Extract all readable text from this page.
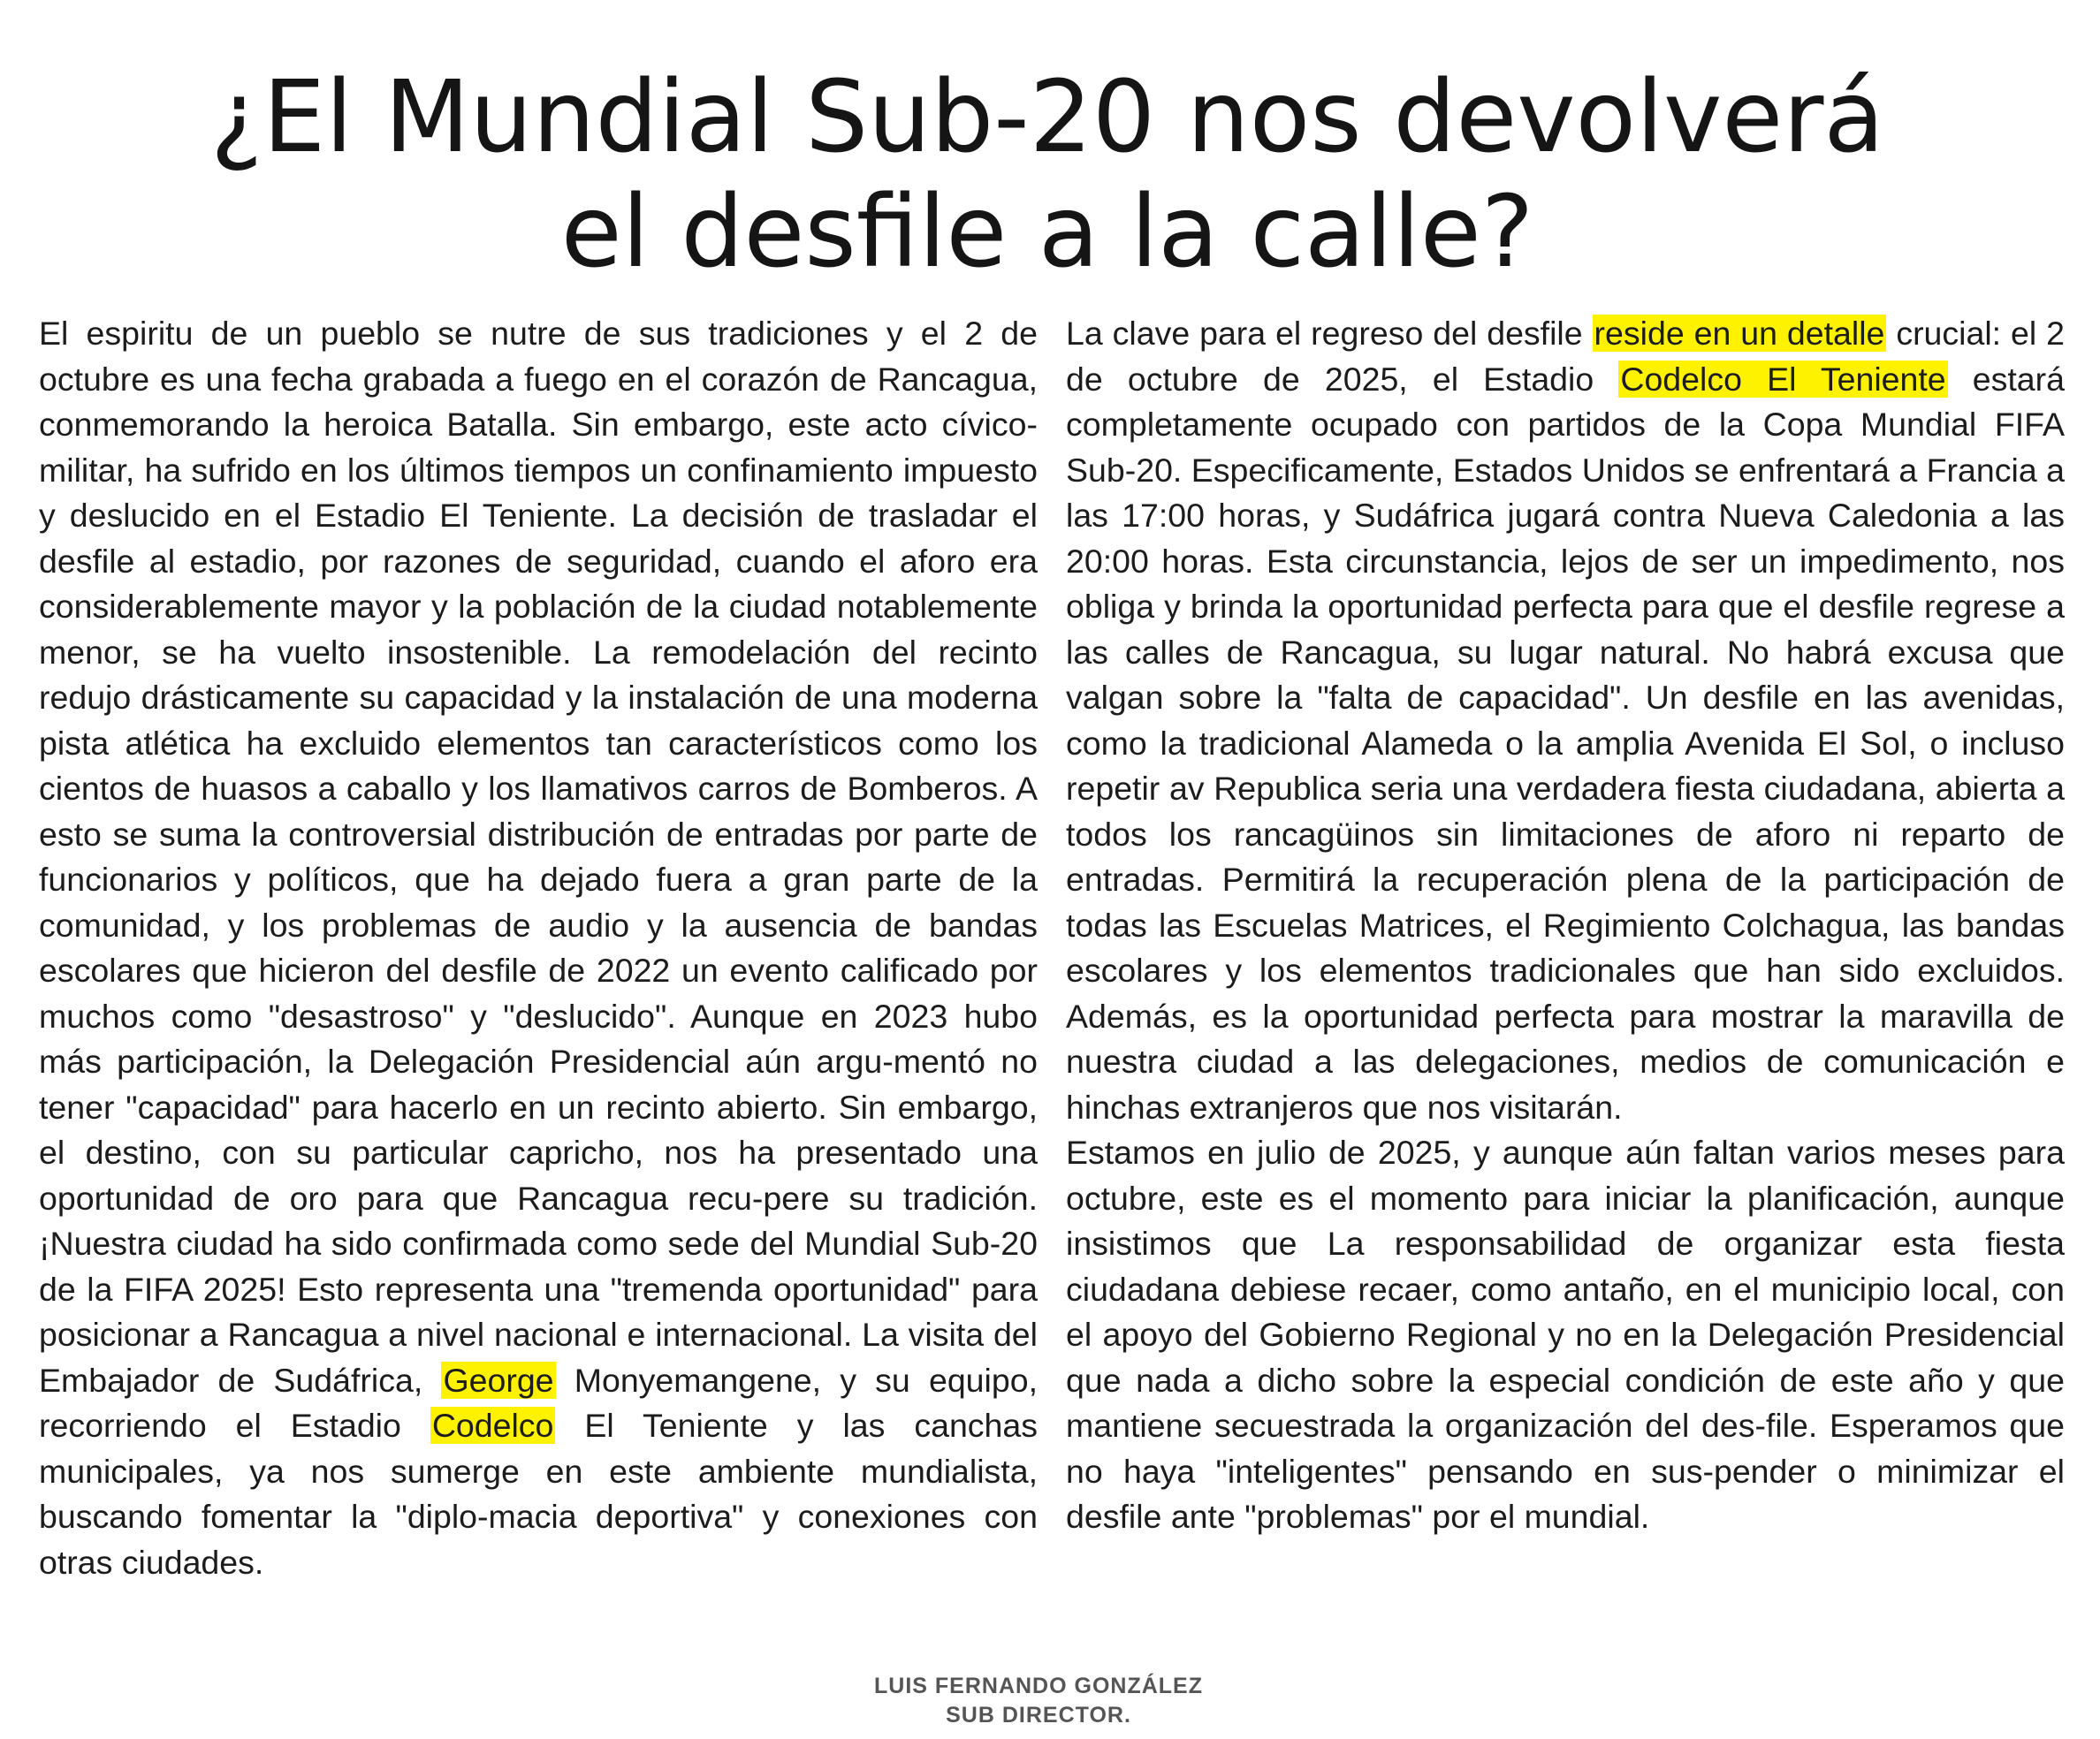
¿El Mundial Sub-20 nos devolverá
el desfile a la calle?

El espiritu de un pueblo se nutre de sus tradiciones y el 2 de octubre es una fecha grabada a fuego en el corazón de Rancagua, conmemorando la heroica Batalla. Sin embargo, este acto cívico-militar, ha sufrido en los últimos tiempos un confinamiento impuesto y deslucido en el Estadio El Teniente. La decisión de trasladar el desfile al estadio, por razones de seguridad, cuando el aforo era considerablemente mayor y la población de la ciudad notablemente menor, se ha vuelto insostenible. La remodelación del recinto redujo drásticamente su capacidad y la instalación de una moderna pista atlética ha excluido elementos tan característicos como los cientos de huasos a caballo y los llamativos carros de Bomberos. A esto se suma la controversial distribución de entradas por parte de funcionarios y políticos, que ha dejado fuera a gran parte de la comunidad, y los problemas de audio y la ausencia de bandas escolares que hicieron del desfile de 2022 un evento calificado por muchos como "desastroso" y "deslucido". Aunque en 2023 hubo más participación, la Delegación Presidencial aún argu-mentó no tener "capacidad" para hacerlo en un recinto abierto. Sin embargo, el destino, con su particular capricho, nos ha presentado una oportunidad de oro para que Rancagua recu-pere su tradición. ¡Nuestra ciudad ha sido confirmada como sede del Mundial Sub-20 de la FIFA 2025! Esto representa una "tremenda oportunidad" para posicionar a Rancagua a nivel nacional e internacional. La visita del Embajador de Sudáfrica, George Monyemangene, y su equipo, recorriendo el Estadio Codelco El Teniente y las canchas municipales, ya nos sumerge en este ambiente mundialista, buscando fomentar la "diplo-macia deportiva" y conexiones con otras ciudades.

La clave para el regreso del desfile reside en un detalle crucial: el 2 de octubre de 2025, el Estadio Codelco El Teniente estará completamente ocupado con partidos de la Copa Mundial FIFA Sub-20. Especificamente, Estados Unidos se enfrentará a Francia a las 17:00 horas, y Sudáfrica jugará contra Nueva Caledonia a las 20:00 horas. Esta circunstancia, lejos de ser un impedimento, nos obliga y brinda la oportunidad perfecta para que el desfile regrese a las calles de Rancagua, su lugar natural. No habrá excusa que valgan sobre la "falta de capacidad". Un desfile en las avenidas, como la tradicional Alameda o la amplia Avenida El Sol, o incluso repetir av Republica seria una verdadera fiesta ciudadana, abierta a todos los rancagüinos sin limitaciones de aforo ni reparto de entradas. Permitirá la recuperación plena de la participación de todas las Escuelas Matrices, el Regimiento Colchagua, las bandas escolares y los elementos tradicionales que han sido excluidos. Además, es la oportunidad perfecta para mostrar la maravilla de nuestra ciudad a las delegaciones, medios de comunicación e hinchas extranjeros que nos visitarán.

Estamos en julio de 2025, y aunque aún faltan varios meses para octubre, este es el momento para iniciar la planificación, aunque insistimos que La responsabilidad de organizar esta fiesta ciudadana debiese recaer, como antaño, en el municipio local, con el apoyo del Gobierno Regional y no en la Delegación Presidencial que nada a dicho sobre la especial condición de este año y que mantiene secuestrada la organización del des-file. Esperamos que no haya "inteligentes" pensando en sus-pender o minimizar el desfile ante "problemas" por el mundial.

LUIS FERNANDO GONZÁLEZ
SUB DIRECTOR.
